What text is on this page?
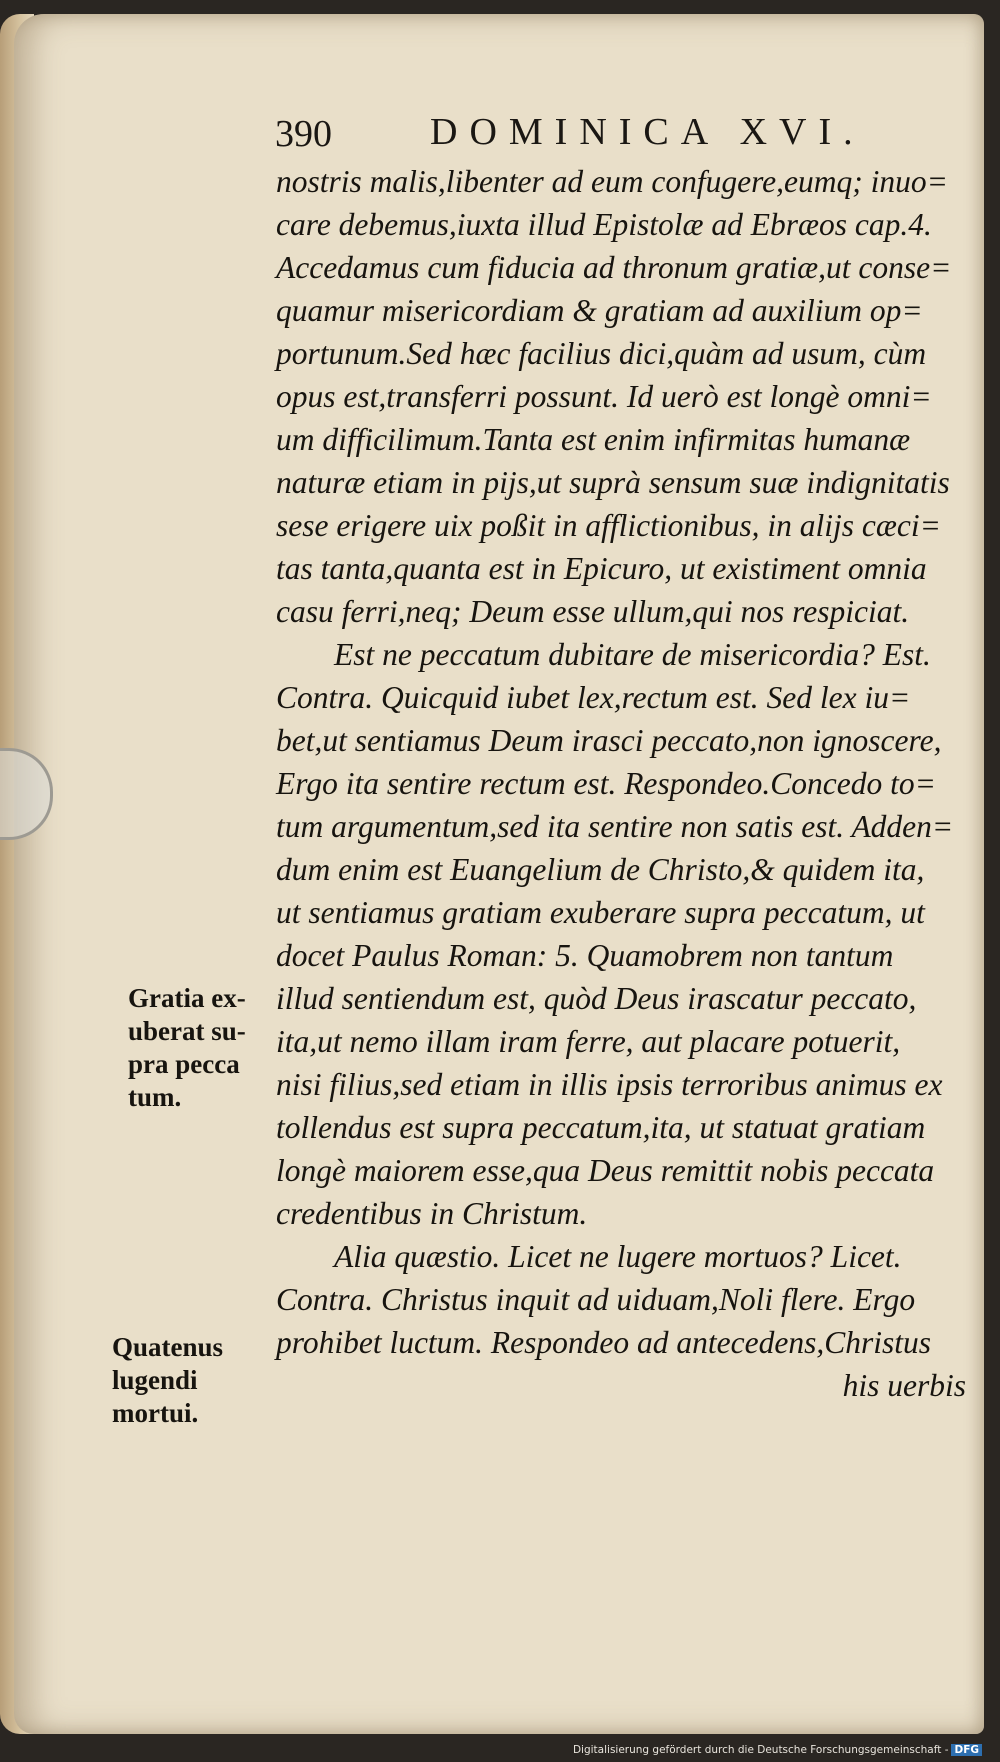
390	DOMINICA XVI.
nostris malis,libenter ad eum confugere,eumq; inuo=
care debemus,iuxta illud Epistolæ ad Ebræos cap.4.
Accedamus cum fiducia ad thronum gratiæ,ut conse=
quamur misericordiam & gratiam ad auxilium op=
portunum.Sed hæc facilius dici,quàm ad usum, cùm
opus est,transferri possunt. Id uerò est longè omni=
um difficilimum.Tanta est enim infirmitas humanæ
naturæ etiam in pijs,ut suprà sensum suæ indignitatis
sese erigere uix poßit in afflictionibus, in alijs cæci=
tas tanta,quanta est in Epicuro, ut existiment omnia
casu ferri,neq; Deum esse ullum,qui nos respiciat.
Est ne peccatum dubitare de misericordia? Est.
Contra. Quicquid iubet lex,rectum est. Sed lex iu=
bet,ut sentiamus Deum irasci peccato,non ignoscere,
Ergo ita sentire rectum est. Respondeo.Concedo to=
tum argumentum,sed ita sentire non satis est. Adden=
dum enim est Euangelium de Christo,& quidem ita,
ut sentiamus gratiam exuberare supra peccatum, ut
docet Paulus Roman: 5. Quamobrem non tantum
illud sentiendum est, quòd Deus irascatur peccato,
ita,ut nemo illam iram ferre, aut placare potuerit,
nisi filius,sed etiam in illis ipsis terroribus animus ex
tollendus est supra peccatum,ita, ut statuat gratiam
longè maiorem esse,qua Deus remittit nobis peccata
credentibus in Christum.
Alia quæstio. Licet ne lugere mortuos? Licet.
Contra. Christus inquit ad uiduam,Noli flere. Ergo
prohibet luctum. Respondeo ad antecedens,Christus
his uerbis
Gratia ex-
uberat su-
pra pecca
tum.
Quatenus
lugendi
mortui.
Digitalisierung gefördert durch die Deutsche Forschungsgemeinschaft - DFG
